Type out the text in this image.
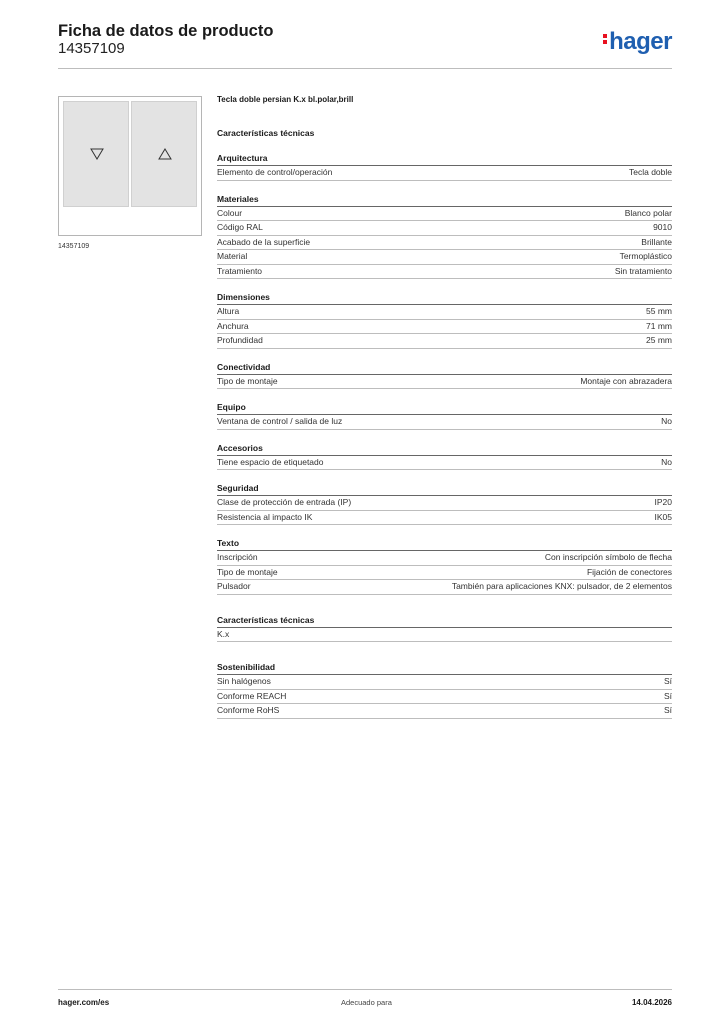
Ficha de datos de producto
14357109	hager
14357109
Tecla doble persian K.x bl.polar,brill
Características técnicas
Arquitectura
Elemento de control/operación	Tecla doble
Materiales
Colour	Blanco polar
Código RAL	9010
Acabado de la superficie	Brillante
Material	Termoplástico
Tratamiento	Sin tratamiento
Dimensiones
Altura	55 mm
Anchura	71 mm
Profundidad	25 mm
Conectividad
Tipo de montaje	Montaje con abrazadera
Equipo
Ventana de control / salida de luz	No
Accesorios
Tiene espacio de etiquetado	No
Seguridad
Clase de protección de entrada (IP)	IP20
Resistencia al impacto IK	IK05
Texto
Inscripción	Con inscripción símbolo de flecha
Tipo de montaje	Fijación de conectores
Pulsador	También para aplicaciones KNX: pulsador, de 2 elementos
Características técnicas
K.x
Sostenibilidad
Sin halógenos	Sí
Conforme REACH	Sí
Conforme RoHS	Sí
hager.com/es	Adecuado para	14.04.2026
